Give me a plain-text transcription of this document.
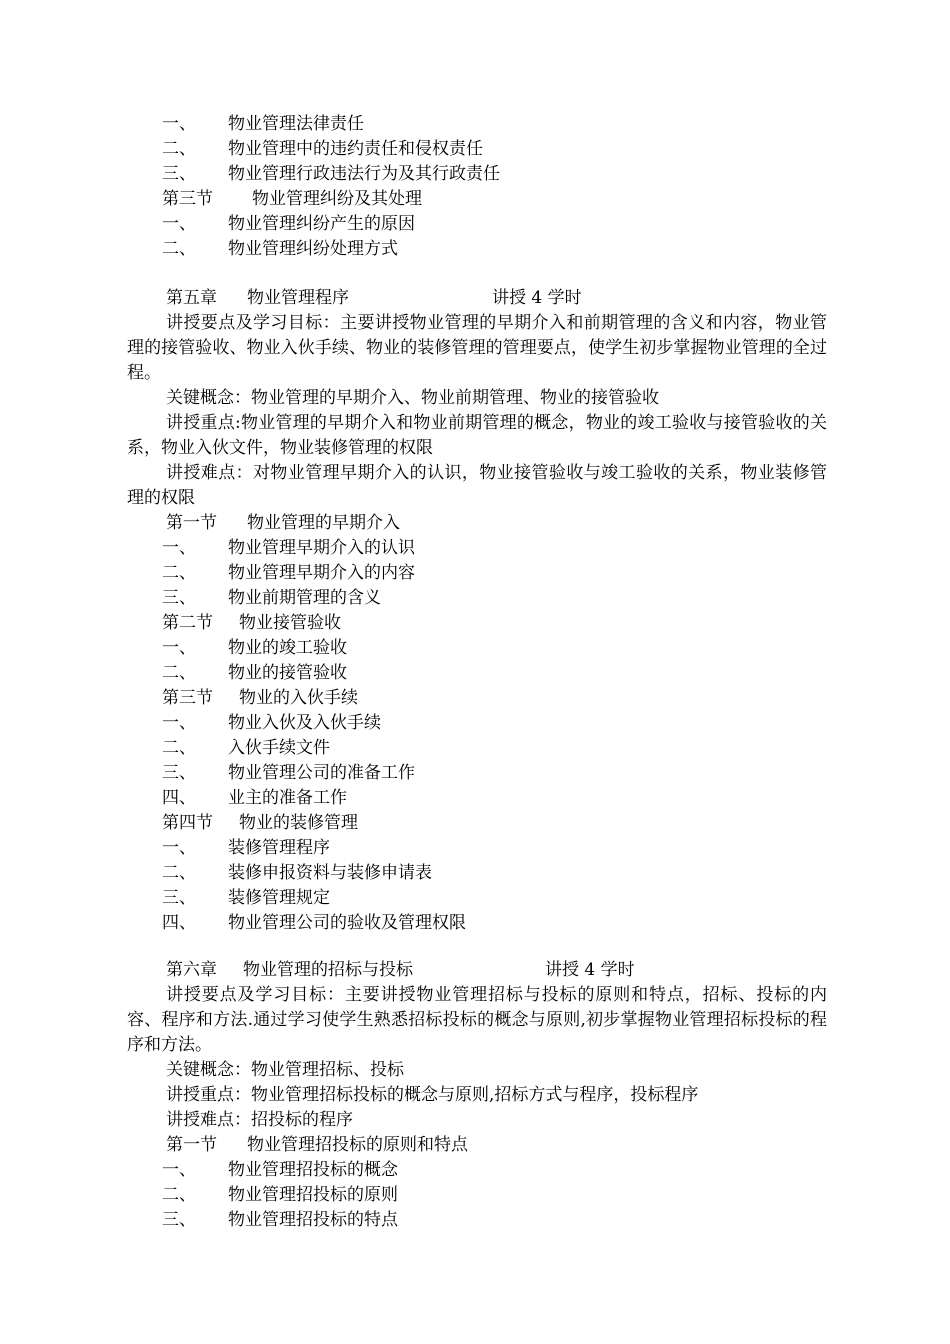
一、 物业管理法律责任
二、 物业管理中的违约责任和侵权责任
三、 物业管理行政违法行为及其行政责任
第三节 物业管理纠纷及其处理
一、 物业管理纠纷产生的原因
二、 物业管理纠纷处理方式
第五章 物业管理程序	讲授 4 学时
讲授要点及学习目标：主要讲授物业管理的早期介入和前期管理的含义和内容，物业管理的接管验收、物业入伙手续、物业的装修管理的管理要点，使学生初步掌握物业管理的全过程。
关键概念：物业管理的早期介入、物业前期管理、物业的接管验收
讲授重点:物业管理的早期介入和物业前期管理的概念，物业的竣工验收与接管验收的关系，物业入伙文件，物业装修管理的权限
讲授难点：对物业管理早期介入的认识，物业接管验收与竣工验收的关系，物业装修管理的权限
第一节 物业管理的早期介入
一、 物业管理早期介入的认识
二、 物业管理早期介入的内容
三、 物业前期管理的含义
第二节 物业接管验收
一、 物业的竣工验收
二、 物业的接管验收
第三节 物业的入伙手续
一、 物业入伙及入伙手续
二、 入伙手续文件
三、 物业管理公司的准备工作
四、 业主的准备工作
第四节 物业的装修管理
一、 装修管理程序
二、 装修申报资料与装修申请表
三、 装修管理规定
四、 物业管理公司的验收及管理权限
第六章 物业管理的招标与投标	讲授 4 学时
讲授要点及学习目标：主要讲授物业管理招标与投标的原则和特点，招标、投标的内容、程序和方法.通过学习使学生熟悉招标投标的概念与原则,初步掌握物业管理招标投标的程序和方法。
关键概念：物业管理招标、投标
讲授重点：物业管理招标投标的概念与原则,招标方式与程序，投标程序
讲授难点：招投标的程序
第一节 物业管理招投标的原则和特点
一、 物业管理招投标的概念
二、 物业管理招投标的原则
三、 物业管理招投标的特点
